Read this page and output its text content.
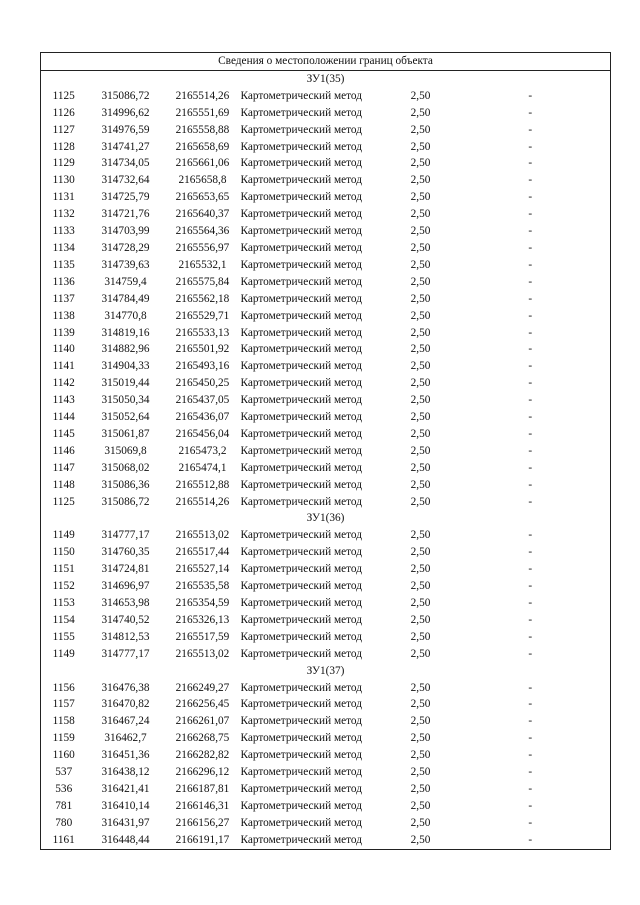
Сведения о местоположении границ объекта					
ЗУ1(35)					
1125	315086,72	2165514,26	Картометрический метод	2,50	-
1126	314996,62	2165551,69	Картометрический метод	2,50	-
1127	314976,59	2165558,88	Картометрический метод	2,50	-
1128	314741,27	2165658,69	Картометрический метод	2,50	-
1129	314734,05	2165661,06	Картометрический метод	2,50	-
1130	314732,64	2165658,8	Картометрический метод	2,50	-
1131	314725,79	2165653,65	Картометрический метод	2,50	-
1132	314721,76	2165640,37	Картометрический метод	2,50	-
1133	314703,99	2165564,36	Картометрический метод	2,50	-
1134	314728,29	2165556,97	Картометрический метод	2,50	-
1135	314739,63	2165532,1	Картометрический метод	2,50	-
1136	314759,4	2165575,84	Картометрический метод	2,50	-
1137	314784,49	2165562,18	Картометрический метод	2,50	-
1138	314770,8	2165529,71	Картометрический метод	2,50	-
1139	314819,16	2165533,13	Картометрический метод	2,50	-
1140	314882,96	2165501,92	Картометрический метод	2,50	-
1141	314904,33	2165493,16	Картометрический метод	2,50	-
1142	315019,44	2165450,25	Картометрический метод	2,50	-
1143	315050,34	2165437,05	Картометрический метод	2,50	-
1144	315052,64	2165436,07	Картометрический метод	2,50	-
1145	315061,87	2165456,04	Картометрический метод	2,50	-
1146	315069,8	2165473,2	Картометрический метод	2,50	-
1147	315068,02	2165474,1	Картометрический метод	2,50	-
1148	315086,36	2165512,88	Картометрический метод	2,50	-
1125	315086,72	2165514,26	Картометрический метод	2,50	-
ЗУ1(36)					
1149	314777,17	2165513,02	Картометрический метод	2,50	-
1150	314760,35	2165517,44	Картометрический метод	2,50	-
1151	314724,81	2165527,14	Картометрический метод	2,50	-
1152	314696,97	2165535,58	Картометрический метод	2,50	-
1153	314653,98	2165354,59	Картометрический метод	2,50	-
1154	314740,52	2165326,13	Картометрический метод	2,50	-
1155	314812,53	2165517,59	Картометрический метод	2,50	-
1149	314777,17	2165513,02	Картометрический метод	2,50	-
ЗУ1(37)					
1156	316476,38	2166249,27	Картометрический метод	2,50	-
1157	316470,82	2166256,45	Картометрический метод	2,50	-
1158	316467,24	2166261,07	Картометрический метод	2,50	-
1159	316462,7	2166268,75	Картометрический метод	2,50	-
1160	316451,36	2166282,82	Картометрический метод	2,50	-
537	316438,12	2166296,12	Картометрический метод	2,50	-
536	316421,41	2166187,81	Картометрический метод	2,50	-
781	316410,14	2166146,31	Картометрический метод	2,50	-
780	316431,97	2166156,27	Картометрический метод	2,50	-
1161	316448,44	2166191,17	Картометрический метод	2,50	-
